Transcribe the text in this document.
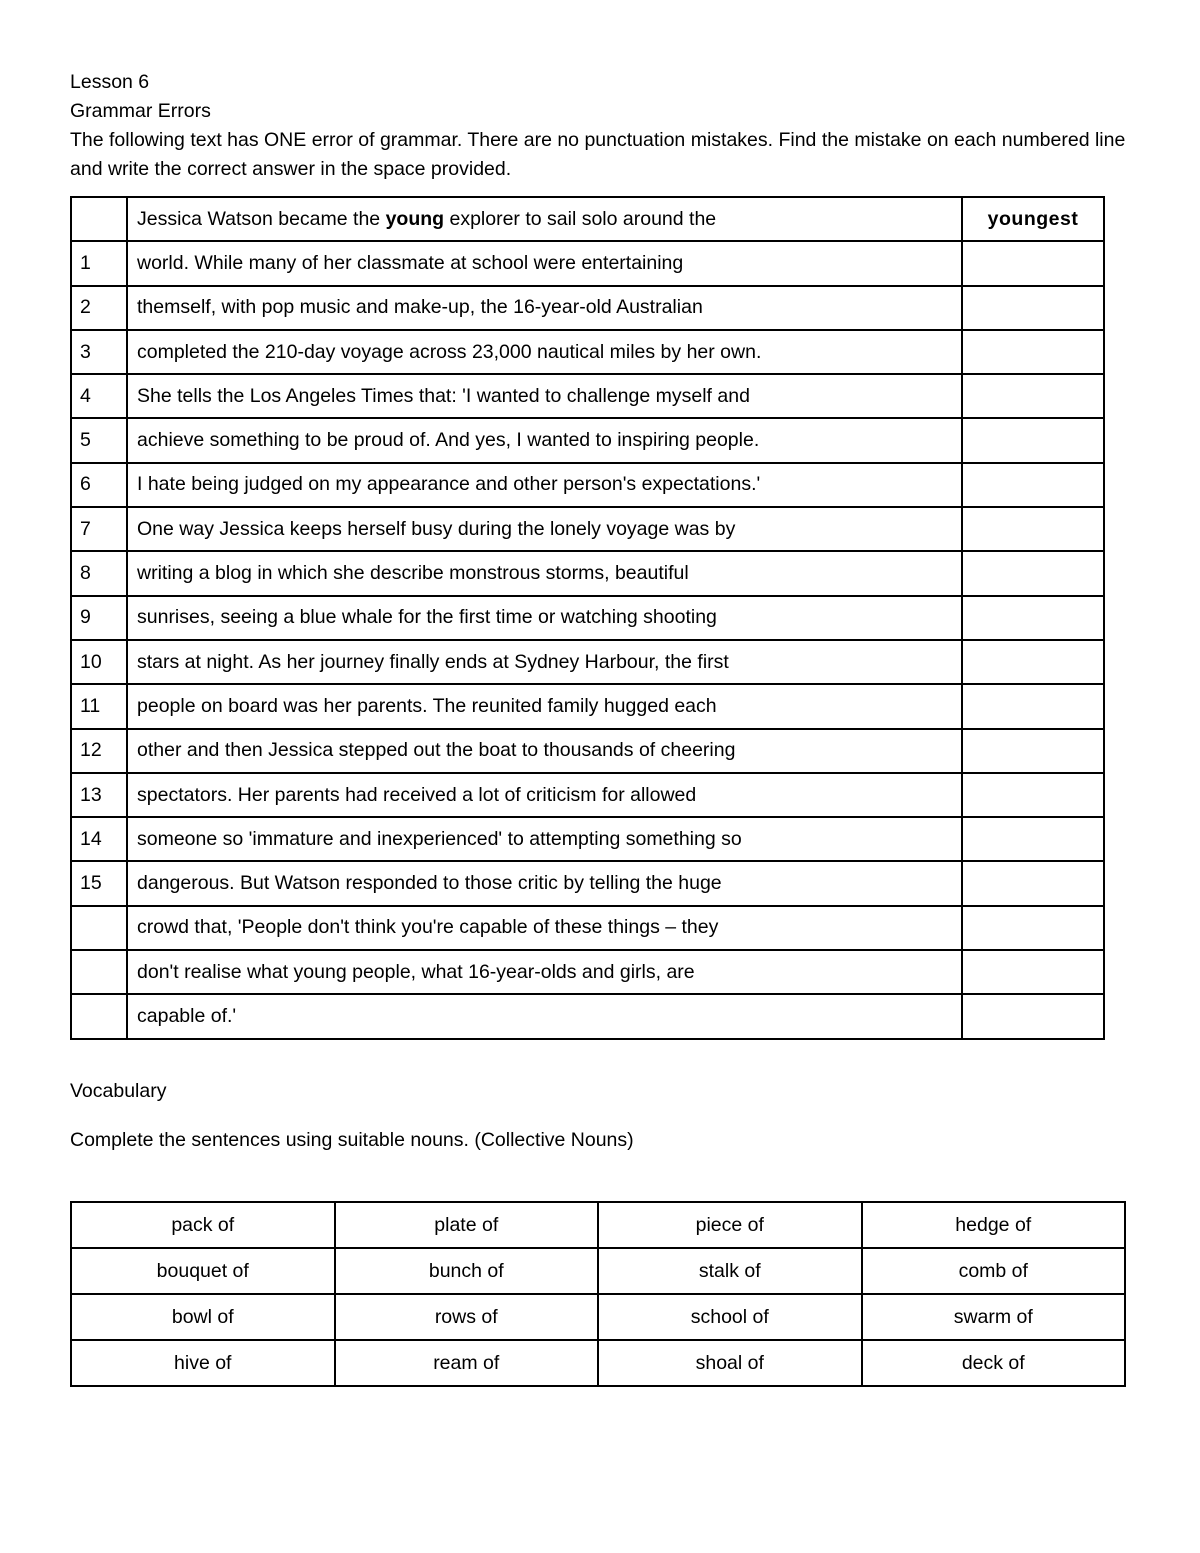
Lesson 6
Grammar Errors
The following text has ONE error of grammar. There are no punctuation mistakes. Find the mistake on each numbered line and write the correct answer in the space provided.
	Jessica Watson became the young explorer to sail solo around the	youngest
1	world. While many of her classmate at school were entertaining	
2	themself, with pop music and make-up, the 16-year-old Australian	
3	completed the 210-day voyage across 23,000 nautical miles by her own.	
4	She tells the Los Angeles Times that: 'I wanted to challenge myself and	
5	achieve something to be proud of. And yes, I wanted to inspiring people.	
6	I hate being judged on my appearance and other person's expectations.'	
7	One way Jessica keeps herself busy during the lonely voyage was by	
8	writing a blog in which she describe monstrous storms, beautiful	
9	sunrises, seeing a blue whale for the first time or watching shooting	
10	stars at night. As her journey finally ends at Sydney Harbour, the first	
11	people on board was her parents. The reunited family hugged each	
12	other and then Jessica stepped out the boat to thousands of cheering	
13	spectators. Her parents had received a lot of criticism for allowed	
14	someone so 'immature and inexperienced' to attempting something so	
15	dangerous. But Watson responded to those critic by telling the huge	
	crowd that, 'People don't think you're capable of these things – they	
	don't realise what young people, what 16-year-olds and girls, are	
	capable of.'	
Vocabulary
Complete the sentences using suitable nouns. (Collective Nouns)
pack of	plate of	piece of	hedge of
bouquet of	bunch of	stalk of	comb of
bowl of	rows of	school of	swarm of
hive of	ream of	shoal of	deck of
